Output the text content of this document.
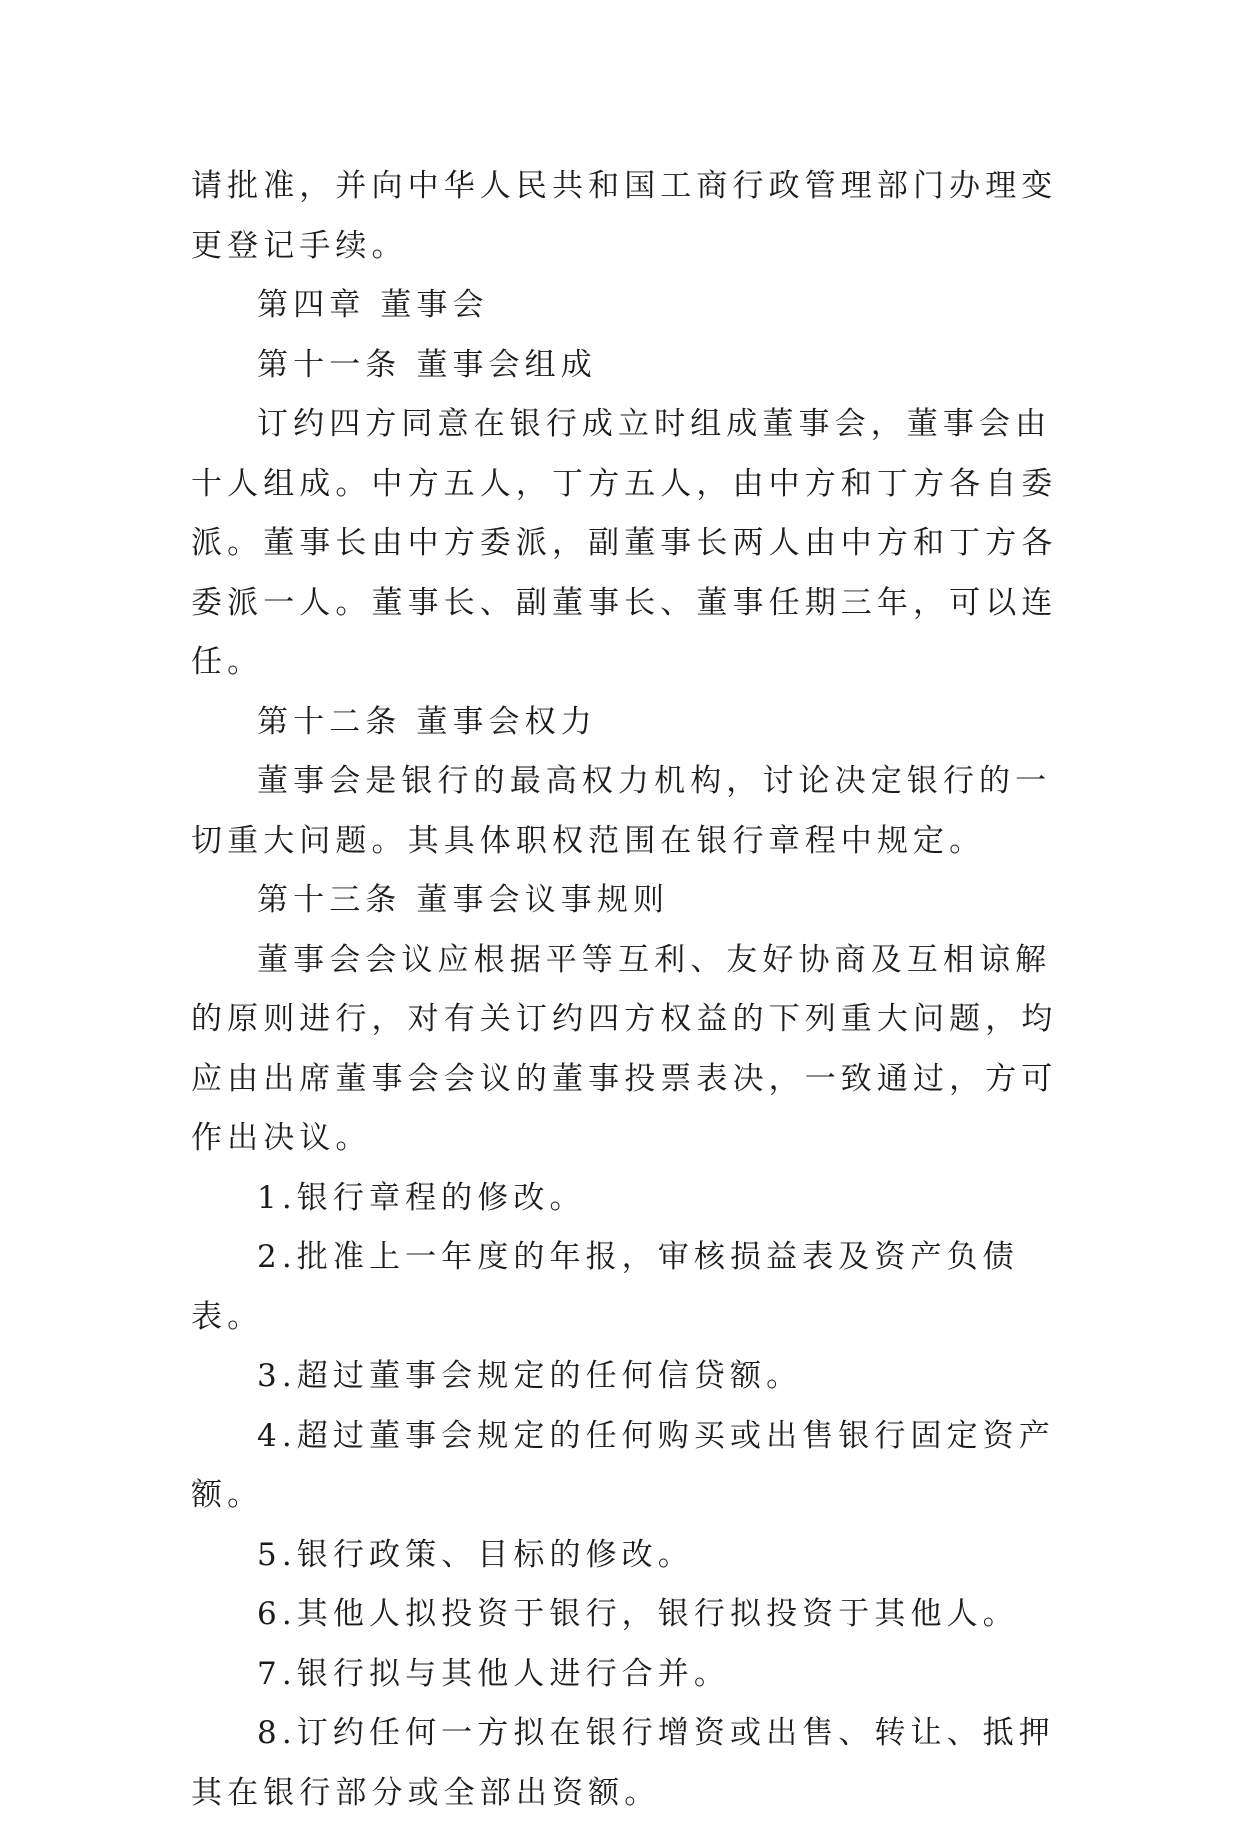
请批准，并向中华人民共和国工商行政管理部门办理变更登记手续。

第四章 董事会

第十一条 董事会组成

订约四方同意在银行成立时组成董事会，董事会由十人组成。中方五人，丁方五人，由中方和丁方各自委派。董事长由中方委派，副董事长两人由中方和丁方各委派一人。董事长、副董事长、董事任期三年，可以连任。

第十二条 董事会权力

董事会是银行的最高权力机构，讨论决定银行的一切重大问题。其具体职权范围在银行章程中规定。

第十三条 董事会议事规则

董事会会议应根据平等互利、友好协商及互相谅解的原则进行，对有关订约四方权益的下列重大问题，均应由出席董事会会议的董事投票表决，一致通过，方可作出决议。

1.银行章程的修改。

2.批准上一年度的年报，审核损益表及资产负债表。

3.超过董事会规定的任何信贷额。

4.超过董事会规定的任何购买或出售银行固定资产额。

5.银行政策、目标的修改。

6.其他人拟投资于银行，银行拟投资于其他人。

7.银行拟与其他人进行合并。

8.订约任何一方拟在银行增资或出售、转让、抵押其在银行部分或全部出资额。
